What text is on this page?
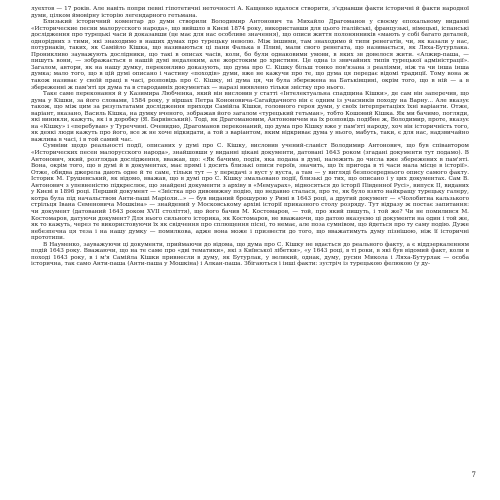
луехтов — 17 років. Але навіть попри певні гіпотетичні неточності А. Кащенко вдалося створити, з'єднавши факти історичні й факти народної думи, цілком ймовірну історію легендарного гетьмана.

Близький історичний коментар до думи створили Володимир Антонович та Михайло Драгоманов у своєму епохальному виданні «Исторические песни малорусского народа», що вийшло в Києві 1874 року, використавши для цього італійські, французькі, німецькі, іспанські дослідження про турецькі часи й доказавши (це має для нас особливе значення), що описи життя полонянників «мають у собі багато деталей, однорідних з тими, які знаходимо в наших думах про турецьку неволю. Між іншими, там знаходимо й типи ренегатів, чи, як казали у нас, потурнаків, таких, як Самійло Кішка, що називаються ці пани Фалька в Пливі, мали свого ренегата, що називається, як Ляха-Бутурлака. Проникливо зауважують дослідники, що такі в описах часів, коли, бо були однаковими умови, в яких зв довелося жити. «Алжир-паша, — пишуть вони, — зображається в нашій думі недалеким, але жорстоким до християн. Це одна із звичайних типів турецької адміністрації». Загалом, автори, як на нашу думку, переконливо доказують, що дума про С. Кішку більш тонко пов'язана з реаліями, ніж та чи інша інша думка; мало того, що в цій думі описано і частину «походів» думи, вже не кажучи про те, що дума ця передає відомі традиції. Тому вона ж також називає у своїй праці в часі, розповідь про С. Кішку, ні дума ця, чи була збережена на Батьківщині, окрім того, що в ній — а в збереженні ж пам'яті ця дума та в стародавніх документах — наразі виявлено тільки звістку про нього.

Таке саме переконання й у Казимира Любченка, який він висловив у статті «Інтелектуальна спадщина Кішки», де сам він заперечив, що дума у Кішки, за його словами, 1584 року, у віршах Петра Кононовича-Сагайдачного він є одним із учасників походу на Варну... Але вказує також, що між цим за результатами дослідження приходи Самійла Кішки, головного героя думи, у своїх інтерпретаціях їхні варіанти. Отже, варіант, вказано, Василь Кішка, на думку вченого, зображав його загалом «турецький гетьман», тобто Кошовий Кішка. Як ми бачимо, погляди, які виникли, кажуть, як і в доробку (Я. Барвінський). Тоді, як Драгомановим, Антоновичем на їх розповідь подібне ж, Володимир, проте, вказує на «Кішку» і «перебував» у Туреччині. Очевидно, Драгоманов переконаний, що дума про Кішку вже у пам'яті народу, хоч він історичність того, як деякі люди кажуть про його, все ж не хоче відкидати, а той з варіантом, яким відкриває дума у нього, мабуть, таки, є для нас, надзвичайно важлива в часі, і в той самий час.

Сумніви щодо реальності події, описаних у думі про С. Кішку, висловив учений-славіст Володимир Антонович, що був співавтором «Исторических песен малорусского народа», знайшовши у виданні цікаві документи, датовані 1643 роком (згадані документи тут подамо). В Антонович, який, розглядав дослідження, вважав, що: «Як бачимо, подія, яка подана в думі, належить до числа вже збережених в пам'яті. Вона, окрім того, що в думі й в документах, має прямі і досить близькі описи героїв, значить, що їх пригода в ті часи мала місце в історії». Отже, обидва джерела дають одне й те саме, тільки тут — у передачі з вуст у вуста, а там — у вигляді безпосереднього опису самого факту. Історик М. Грушевський, як відомо, вважав, що в думі про С. Кішку змальовано події, близькі до тих, що описано і у цих документах. Сам В. Антонович з упевненістю підкреслює, що знайдені документи з архіву в «Мемуарах», відносяться до історії Південної Русі», випуск ІІ, виданих у Києві в 1896 році. Перший документ — «Звістка про дивовижну подію, що недавно сталася, про те, як було взято найкращу турецьку галеру, котра була під начальством Анти-паші Маріоли...» — був виданий брошурою у Римі в 1643 році, а другий документ — «Чолобитна кальзького стрільця Івана Семеновича Мошкіна» — знайдений у Московському архіві історії приказного столу розряду. Тут відразу ж постає запитання: чи документ (датований 1643 роком XVII століття), що його бачив М. Костомаров, — той, про який пишуть, і той же? Чи не помилився М. Костомаров, датуючи документ? Для нього сильного історика, як Костомаров, не вважаючи, що датою вказуємо ці документи на один і той же, як то кажуть, через те використовуючи їх як свідчення про сплющення пісні, то немає, але поза сумнівом, що йдеться про ту саму подію. Дуже небезпечна ця теза і на нашу думку — помилкова, адже вона може і призвести до того, що вважатимуть думу пізнішою, ніж її історичні прототипи.

В Науменко, зауважуючи ці документи, приймаючи до відома, що дума про С. Кішку не вдається до реального факту, а є віддзеркаленням подій 1643 року. Вважаючи, що на те саме про «дві тематики», які з Київської лібетки», «у 1643 році, в ті роки, в які був відомий факт, коли в поході 1643 року, в і м'я Самійла Кішки привнесли в думу, як Бутурлак, у великий, однак, думу, русин Микола і Ляха-Бутурлак — особа історична, так само Анти-паша (Анти-паша у Мошкіна) і Алкан-паша. Збігаються і інші факти: зустріч із турецькою фелюкою (у ду-

7
